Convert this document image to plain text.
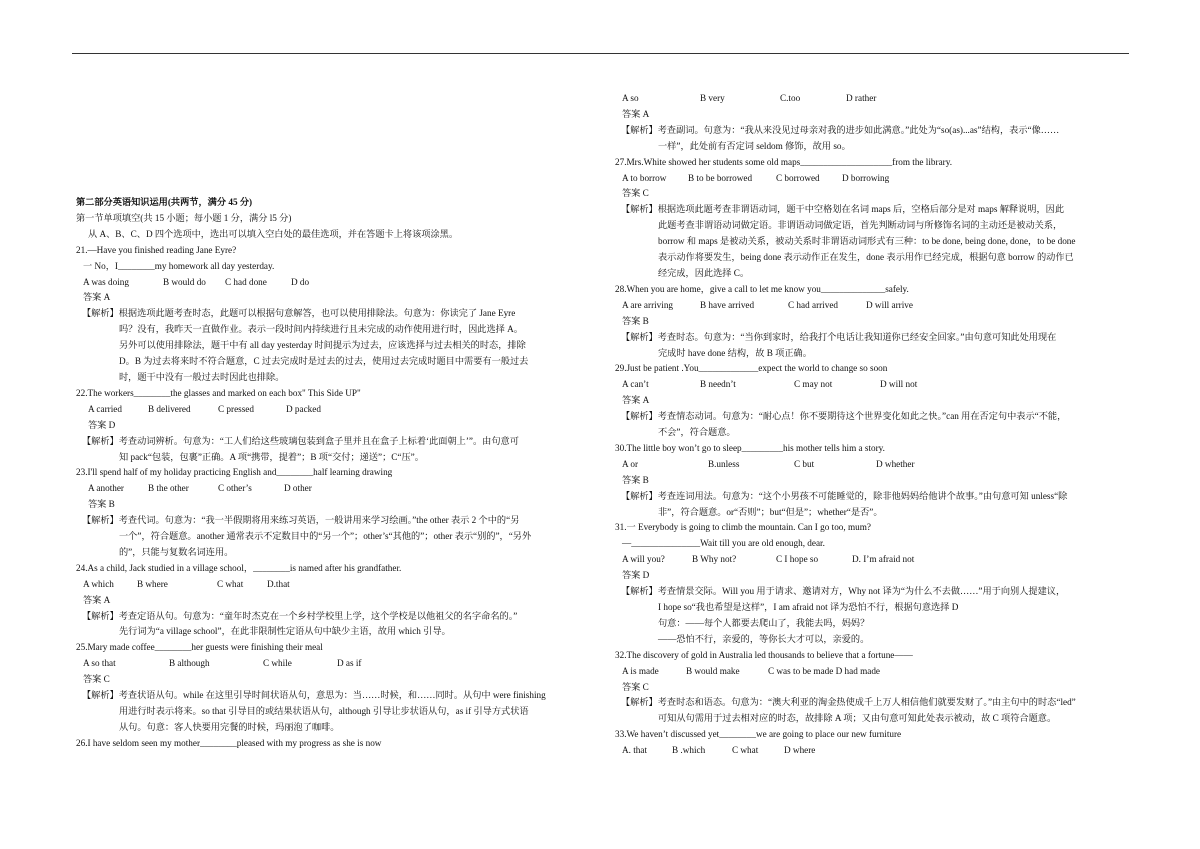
第二部分英语知识运用(共两节，满分 45 分)
第一节单项填空(共 15 小题；每小题 1 分，满分 l5 分)
从 A、B、C、D 四个选项中，选出可以填入空白处的最佳选项，并在答题卡上将该项涂黑。
21.—Have you finished reading Jane Eyre?
一 No，I________my homework all day yesterday.
A was doing	B would do C had done	D do
答案 A
【解析】根据选项此题考查时态，此题可以根据句意解答，也可以使用排除法。句意为：你读完了 Jane Eyre
吗？没有，我昨天一直做作业。表示一段时间内持续进行且未完成的动作使用进行时，因此选择 A。
另外可以使用排除法，题干中有 all day yesterday 时间提示为过去，应该选择与过去相关的时态，排除
D。B 为过去将来时不符合题意，C 过去完成时是过去的过去，使用过去完成时题目中需要有一般过去
时，题干中没有一般过去时因此也排除。
22.The workers________the glasses and marked on each box" This Side UP"
A carried	B delivered	C pressed	D packed
答案 D
【解析】考查动词辨析。句意为：“工人们给这些玻璃包装到盒子里并且在盒子上标着‘此面朝上’”。由句意可
知 pack“包装，包裹”正确。A 项“携带，提着”；B 项“交付；递送”；C“压”。
23.I'll spend half of my holiday practicing English and________half learning drawing
A another	B the other	C other’s	D other
答案 B
【解析】考查代词。句意为：“我一半假期将用来练习英语，一般讲用来学习绘画。”the other 表示 2 个中的“另
一个”，符合题意。another 通常表示不定数目中的“另一个”；other’s“其他的”；other 表示“别的”，“另外
的”，只能与复数名词连用。
24.As a child, Jack studied in a village school，________is named after his grandfather.
A which	B where	C what	D.that
答案 A
【解析】考查定语从句。句意为：“童年时杰克在一个乡村学校里上学，这个学校是以他祖父的名字命名的。”
先行词为“a village school”，在此非限制性定语从句中缺少主语，故用 which 引导。
25.Mary made coffee________her guests were finishing their meal
A so that	B although	C while	D as if
答案 C
【解析】考查状语从句。while 在这里引导时间状语从句，意思为：当……时候，和……同时。从句中 were finishing
用进行时表示将来。so that 引导目的或结果状语从句，although 引导让步状语从句，as if 引导方式状语
从句。句意：客人快要用完餐的时候，玛丽泡了咖啡。
26.I have seldom seen my mother________pleased with my progress as she is now
A so	B very	C.too	D rather
答案 A
【解析】考查副词。句意为：“我从来没见过母亲对我的进步如此满意。”此处为“so(as)...as”结构，表示“像……
一样”，此处前有否定词 seldom 修饰，故用 so。
27.Mrs.White showed her students some old maps____________________from the library.
A to borrow B to be borrowed	C borrowed D borrowing
答案 C
【解析】根据选项此题考查非谓语动词，题干中空格划在名词 maps 后，空格后部分是对 maps 解释说明，因此
此题考查非谓语动词做定语。非谓语动词做定语，首先判断动词与所修饰名词的主动还是被动关系，
borrow 和 maps 是被动关系，被动关系时非谓语动词形式有三种：to be done, being done, done，to be done
表示动作将要发生，being done 表示动作正在发生，done 表示用作已经完成，根据句意 borrow 的动作已
经完成，因此选择 C。
28.When you are home，give a call to let me know you______________safely.
A are arriving	B have arrived	C had arrived	D will arrive
答案 B
【解析】考查时态。句意为：“当你到家时，给我打个电话让我知道你已经安全回家。”由句意可知此处用现在
完成时 have done 结构，故 B 项正确。
29.Just be patient .You_____________expect the world to change so soon
A can’t	B needn’t	C may not	D will not
答案 A
【解析】考查情态动词。句意为：“耐心点！你不要期待这个世界变化如此之快。”can 用在否定句中表示“不能，
不会”，符合题意。
30.The little boy won’t go to sleep_________his mother tells him a story.
A or	B.unless	C but	D whether
答案 B
【解析】考查连词用法。句意为：“这个小男孩不可能睡觉的，除非他妈妈给他讲个故事。”由句意可知 unless“除
非”，符合题意。or“否则”；but“但是”；whether“是否”。
31.一 Everybody is going to climb the mountain. Can I go too, mum?
—_______________Wait till you are old enough, dear.
A will you?	B Why not?	C I hope so	D. I’m afraid not
答案 D
【解析】考查情景交际。Will you 用于请求、邀请对方，Why not 译为“为什么不去做……”用于向别人提建议，
I hope so“我也希望是这样”，I am afraid not 译为恐怕不行，根据句意选择 D
句意：——每个人都要去爬山了，我能去吗，妈妈？
——恐怕不行，亲爱的，等你长大才可以，亲爱的。
32.The discovery of gold in Australia led thousands to believe that a fortune——
A is made	B would make	C was to be made D had made
答案 C
【解析】考查时态和语态。句意为：“澳大利亚的淘金热使成千上万人相信他们就要发财了。”由主句中的时态“led”
可知从句需用于过去相对应的时态，故排除 A 项；又由句意可知此处表示被动，故 C 项符合题意。
33.We haven’t discussed yet________we are going to place our new furniture
A. that	B .which	C what	D where
